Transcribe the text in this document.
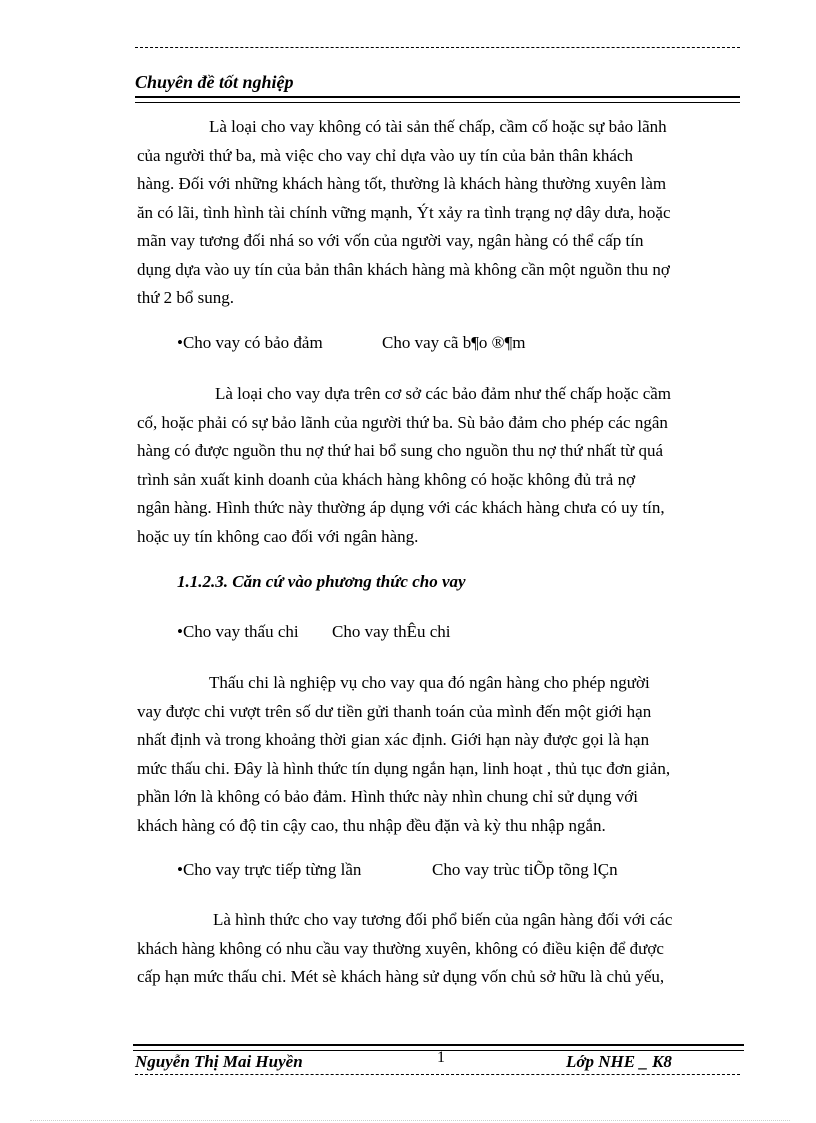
Chuyên đề tốt nghiệp
Là loại cho vay không có tài sản thế chấp, cầm cố hoặc sự bảo lãnh
của người thứ ba, mà việc cho vay chỉ dựa vào uy tín của bản thân khách
hàng. Đối với những khách hàng tốt, thường là khách hàng thường xuyên làm
ăn có lãi, tình hình tài chính vững mạnh, Ýt xảy ra tình trạng nợ dây dưa, hoặc
mãn vay tương đối nhá so với vốn của người vay, ngân hàng có thể cấp tín
dụng dựa vào uy tín của bản thân khách hàng mà không cần một nguồn thu nợ
thứ 2 bổ sung.
•Cho vay có bảo đảm	Cho vay cã b¶o ®¶m
Là loại cho vay dựa trên cơ sở các bảo đảm như thế chấp hoặc cầm
cố, hoặc phải có sự bảo lãnh của người thứ ba. Sù bảo đảm cho phép các ngân
hàng có được nguồn thu nợ thứ hai bổ sung cho nguồn thu nợ thứ nhất từ quá
trình sản xuất kinh doanh của khách hàng không có hoặc không đủ trả nợ
ngân hàng. Hình thức này thường áp dụng với các khách hàng chưa có uy tín,
hoặc uy tín không cao đối với ngân hàng.
1.1.2.3. Căn cứ vào phương thức cho vay
•Cho vay thấu chi Cho vay thÊu chi
Thấu chi là nghiệp vụ cho vay qua đó ngân hàng cho phép người
vay được chi vượt trên số dư tiền gửi thanh toán của mình đến một giới hạn
nhất định và trong khoảng thời gian xác định. Giới hạn này được gọi là hạn
mức thấu chi. Đây là hình thức tín dụng ngắn hạn, linh hoạt , thủ tục đơn giản,
phần lớn là không có bảo đảm. Hình thức này nhìn chung chỉ sử dụng với
khách hàng có độ tin cậy cao, thu nhập đều đặn và kỳ thu nhập ngắn.
•Cho vay trực tiếp từng lần	Cho vay trùc tiÕp tõng lÇn
Là hình thức cho vay tương đối phổ biến của ngân hàng đối với các
khách hàng không có nhu cầu vay thường xuyên, không có điều kiện để được
cấp hạn mức thấu chi. Mét sè khách hàng sử dụng vốn chủ sở hữu là chủ yếu,
Nguyễn Thị Mai Huyền	1	Lớp NHE _ K8
